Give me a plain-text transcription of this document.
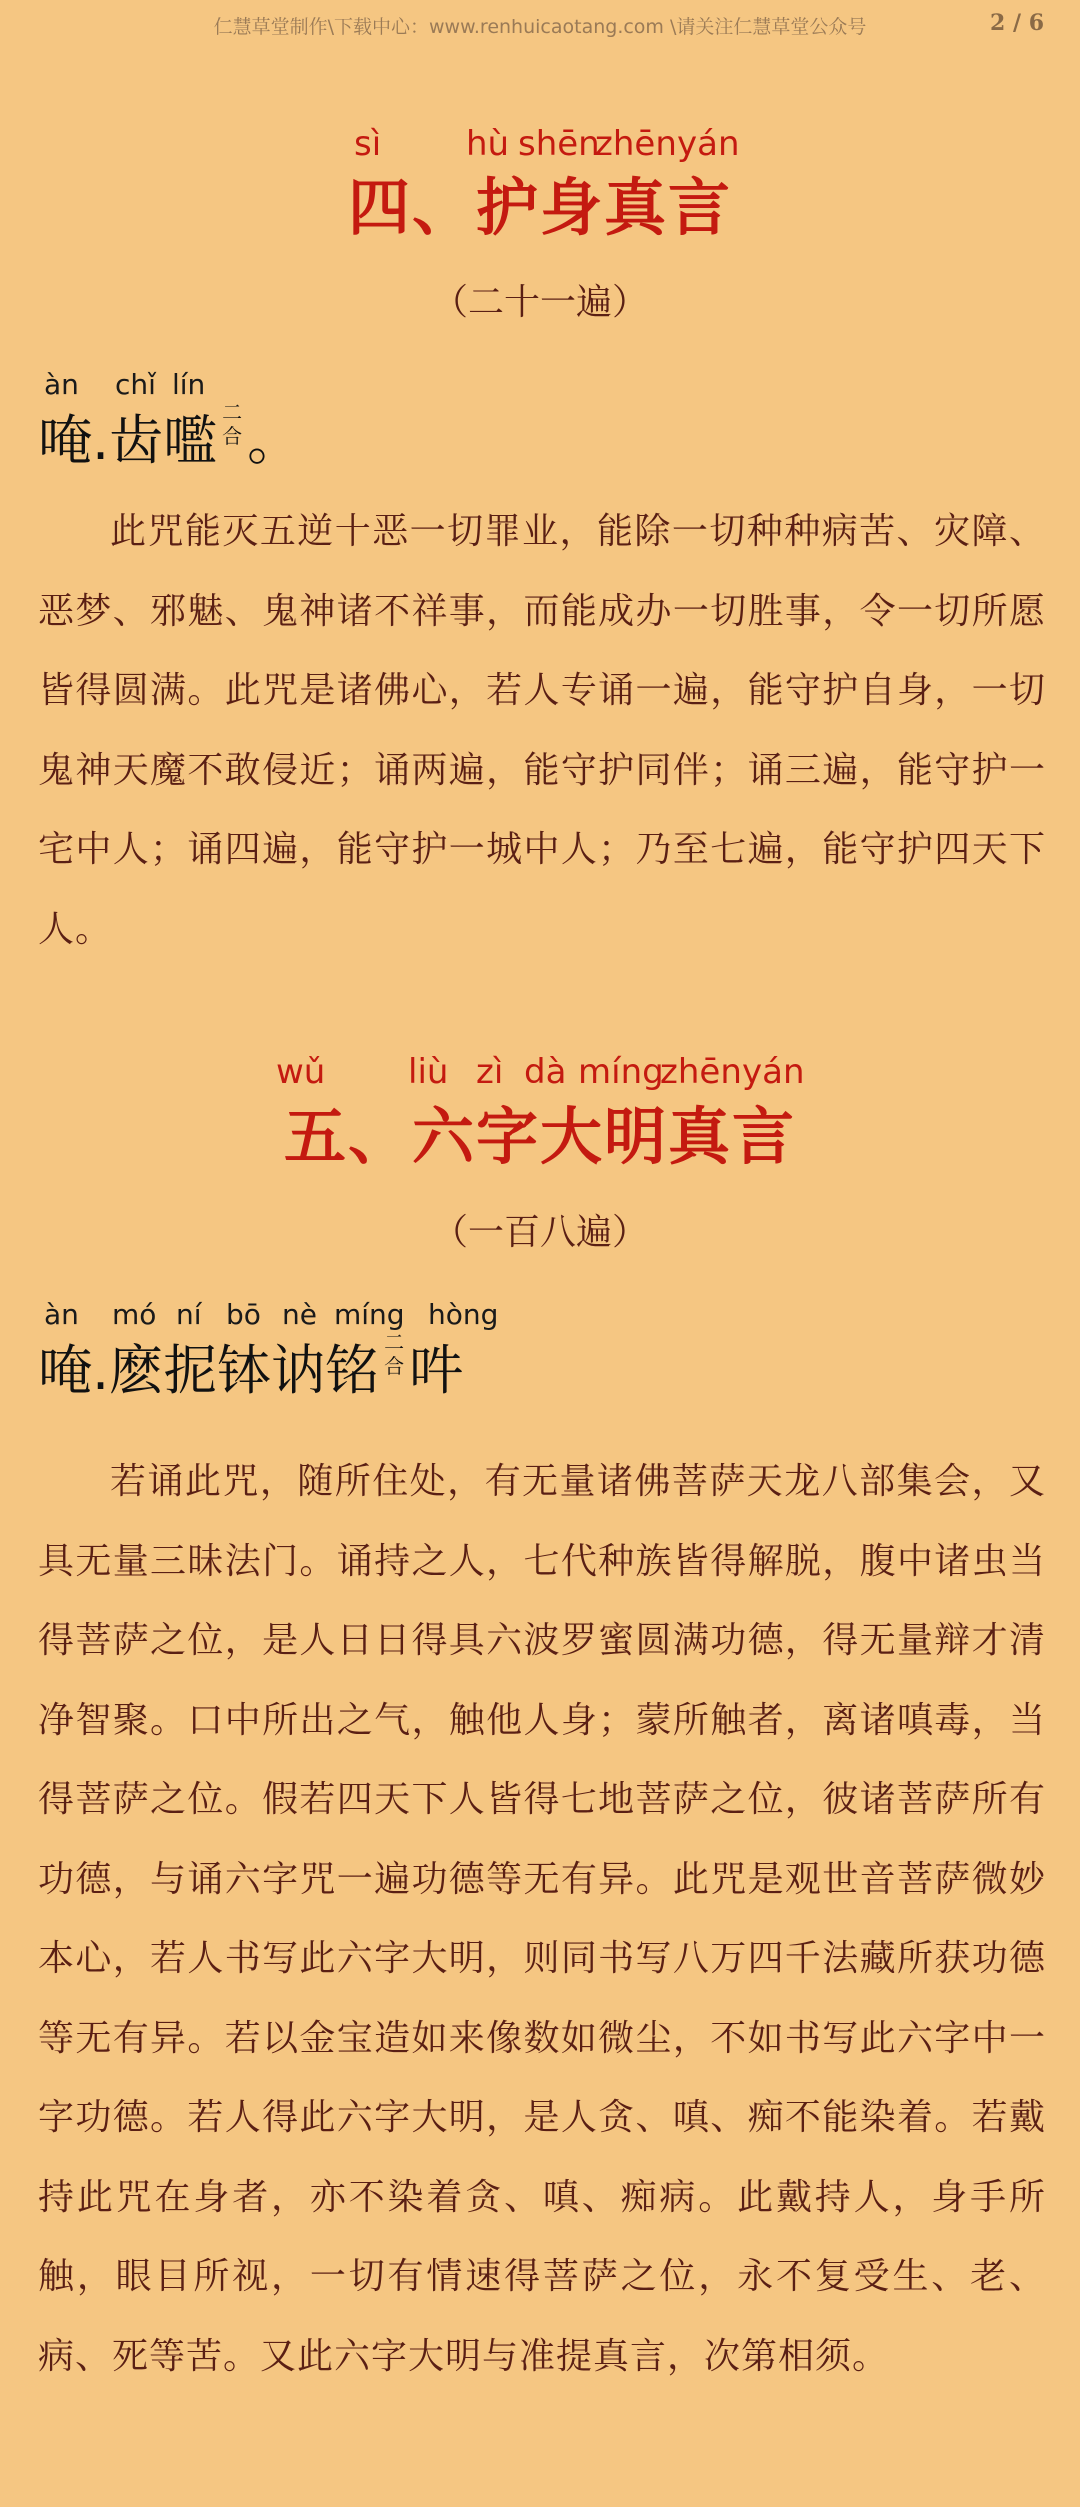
仁慧草堂制作\下载中心：www.renhuicaotang.com \请关注仁慧草堂公众号	2 / 6
sì hù shēn
zhēn yán
四、护身真言
（二十一遍）
àn chǐ lín
唵.齿嚂 二
合 。

此咒能灭五逆十恶一切罪业，能除一切种种病苦、灾障、恶梦、邪魅、鬼神诸不祥事，而能成办一切胜事，令一切所愿皆得圆满。此咒是诸佛心，若人专诵一遍，能守护自身，一切鬼神天魔不敢侵近；诵两遍，能守护同伴；诵三遍，能守护一宅中人；诵四遍，能守护一城中人；乃至七遍，能守护四天下人。

wǔ liù zì dà míng
zhēn yán
五、六字大明真言
（一百八遍）
àn mó ní bō nè míng hòng
唵.麽抳钵讷铭 二
合 吽

若诵此咒，随所住处，有无量诸佛菩萨天龙八部集会，又具无量三昧法门。诵持之人，七代种族皆得解脱，腹中诸虫当得菩萨之位，是人日日得具六波罗蜜圆满功德，得无量辩才清净智聚。口中所出之气，触他人身；蒙所触者，离诸嗔毒，当得菩萨之位。假若四天下人皆得七地菩萨之位，彼诸菩萨所有功德，与诵六字咒一遍功德等无有异。此咒是观世音菩萨微妙本心，若人书写此六字大明，则同书写八万四千法藏所获功德等无有异。若以金宝造如来像数如微尘，不如书写此六字中一字功德。若人得此六字大明，是人贪、嗔、痴不能染着。若戴持此咒在身者，亦不染着贪、嗔、痴病。此戴持人，身手所触，眼目所视，一切有情速得菩萨之位，永不复受生、老、病、死等苦。又此六字大明与准提真言，次第相须。
